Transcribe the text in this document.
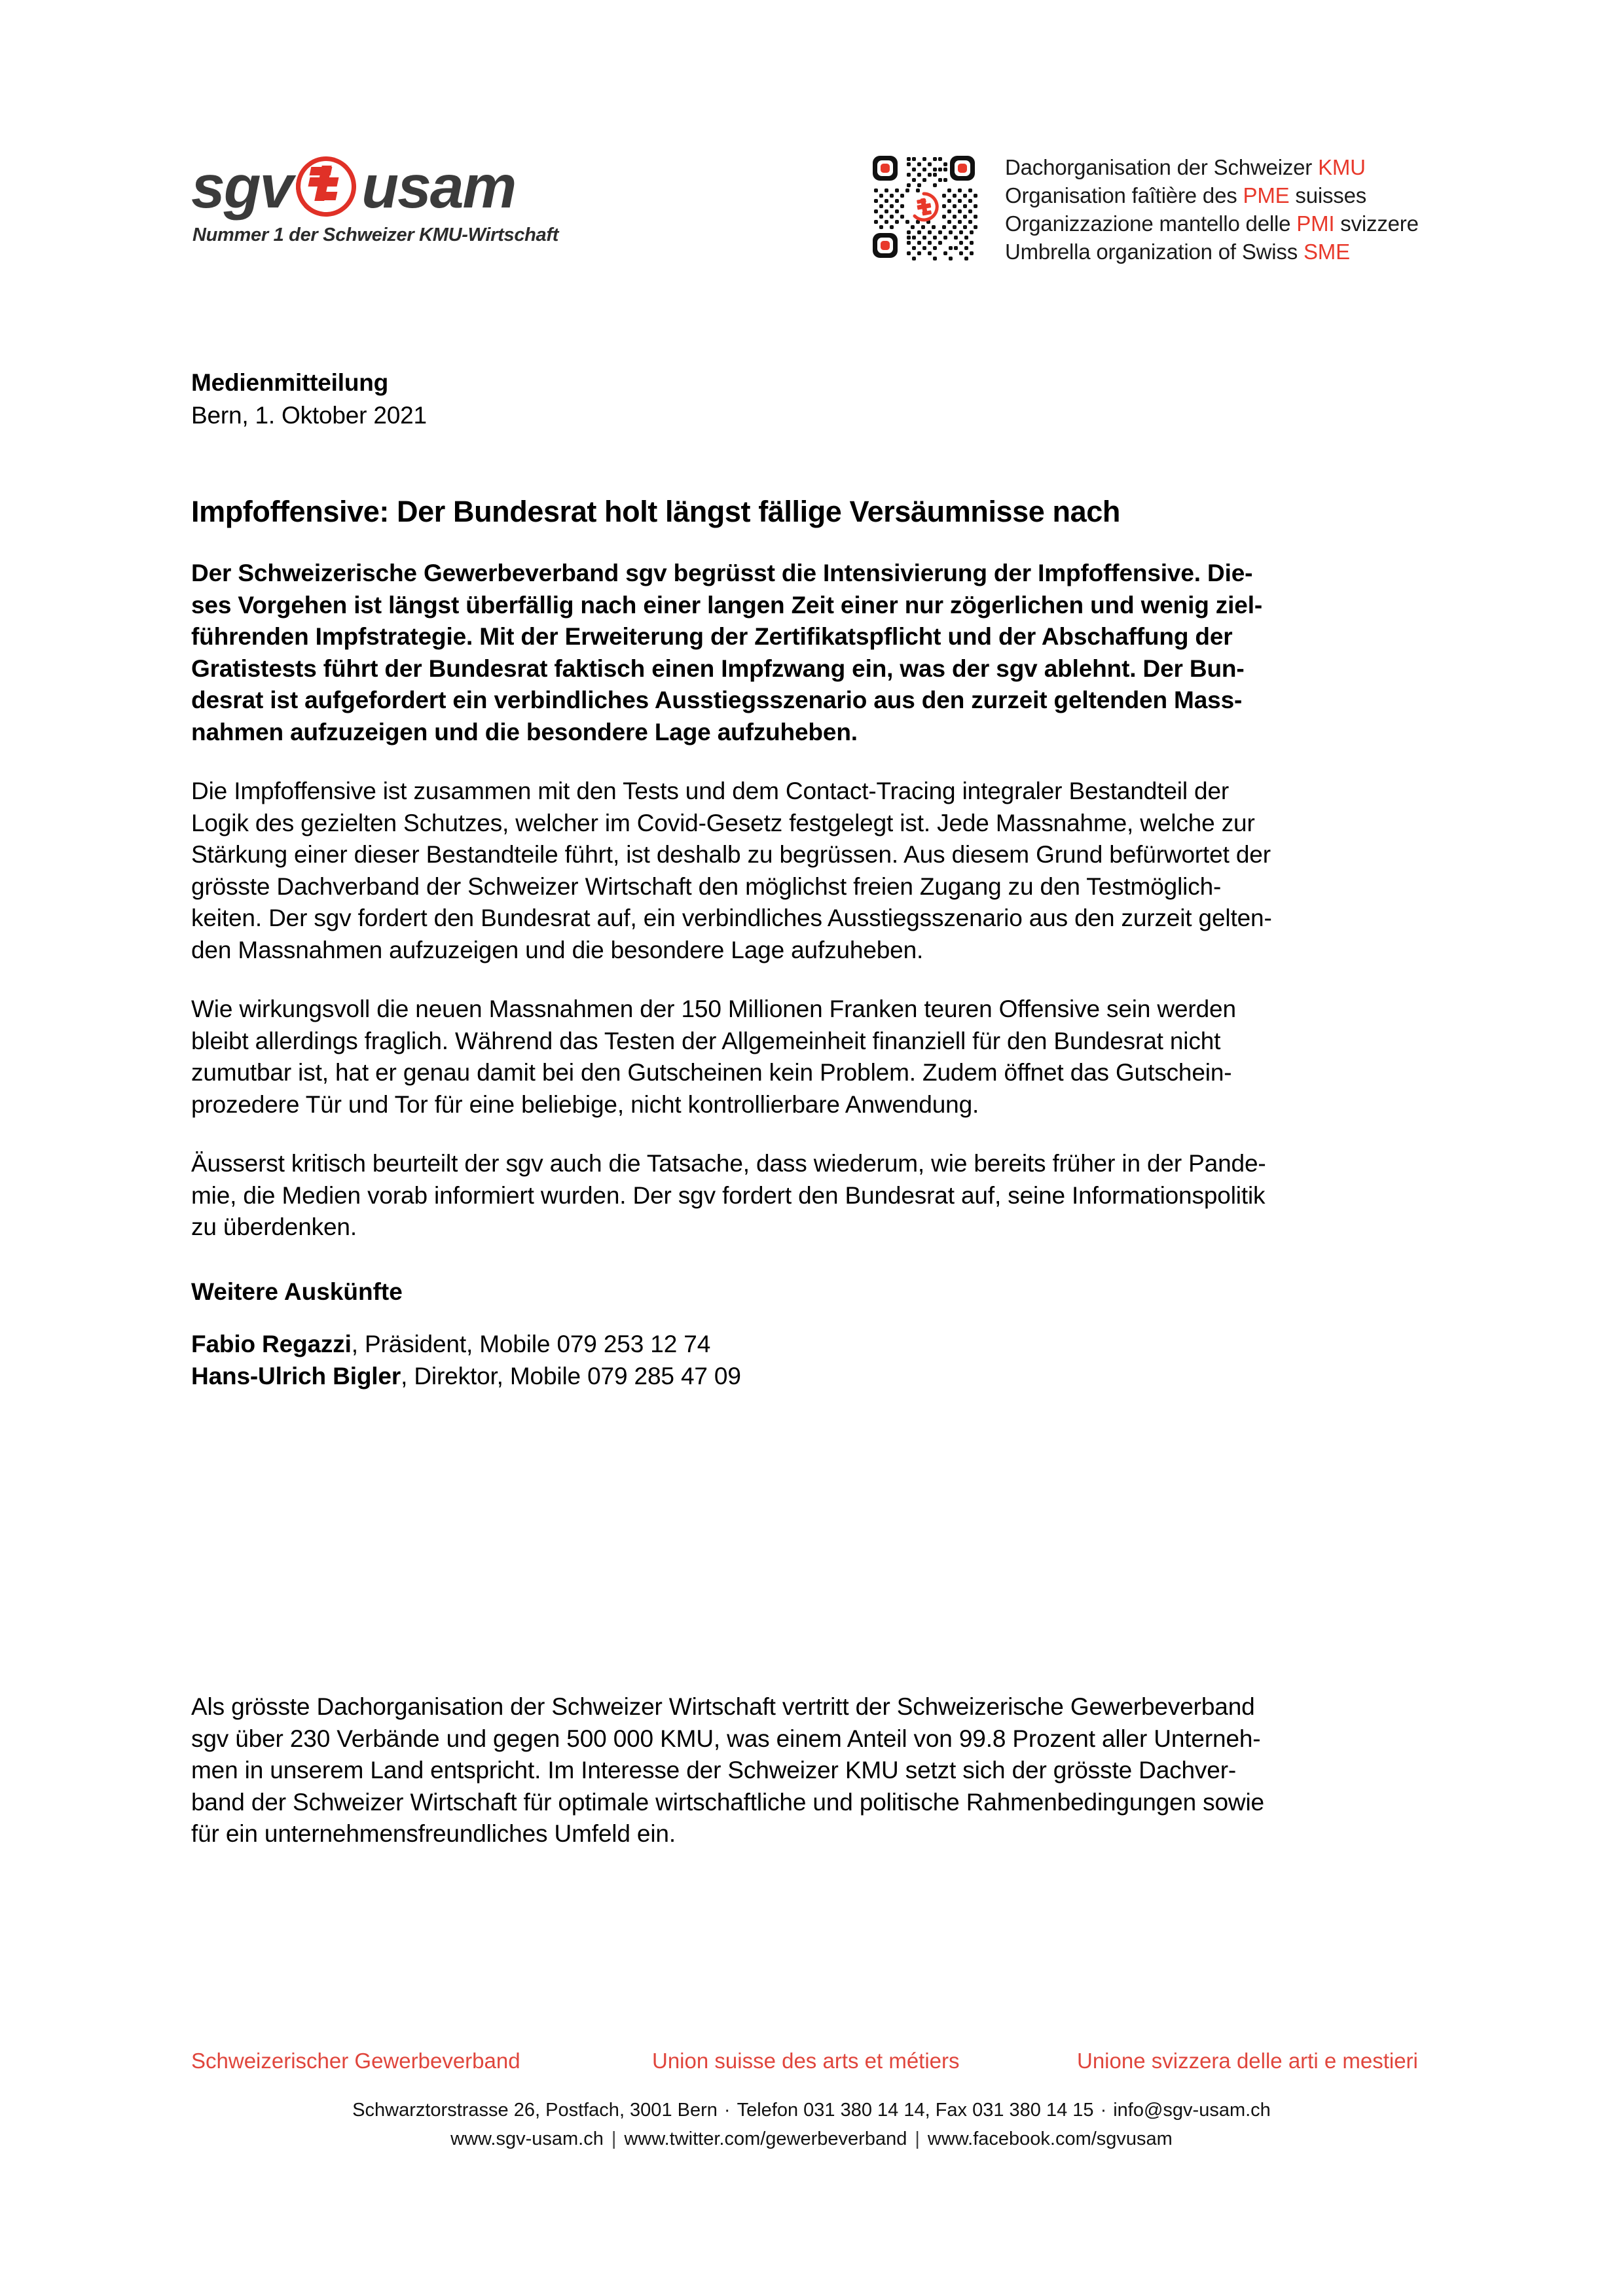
sgv usam
Nummer 1 der Schweizer KMU-Wirtschaft
Dachorganisation der Schweizer KMU
Organisation faîtière des PME suisses
Organizzazione mantello delle PMI svizzere
Umbrella organization of Swiss SME
Medienmitteilung
Bern, 1. Oktober 2021
Impfoffensive: Der Bundesrat holt längst fällige Versäumnisse nach
Der Schweizerische Gewerbeverband sgv begrüsst die Intensivierung der Impfoffensive. Die-
ses Vorgehen ist längst überfällig nach einer langen Zeit einer nur zögerlichen und wenig ziel-
führenden Impfstrategie. Mit der Erweiterung der Zertifikatspflicht und der Abschaffung der
Gratistests führt der Bundesrat faktisch einen Impfzwang ein, was der sgv ablehnt. Der Bun-
desrat ist aufgefordert ein verbindliches Ausstiegsszenario aus den zurzeit geltenden Mass-
nahmen aufzuzeigen und die besondere Lage aufzuheben.
Die Impfoffensive ist zusammen mit den Tests und dem Contact-Tracing integraler Bestandteil der
Logik des gezielten Schutzes, welcher im Covid-Gesetz festgelegt ist. Jede Massnahme, welche zur
Stärkung einer dieser Bestandteile führt, ist deshalb zu begrüssen. Aus diesem Grund befürwortet der
grösste Dachverband der Schweizer Wirtschaft den möglichst freien Zugang zu den Testmöglich-
keiten. Der sgv fordert den Bundesrat auf, ein verbindliches Ausstiegsszenario aus den zurzeit gelten-
den Massnahmen aufzuzeigen und die besondere Lage aufzuheben.
Wie wirkungsvoll die neuen Massnahmen der 150 Millionen Franken teuren Offensive sein werden
bleibt allerdings fraglich. Während das Testen der Allgemeinheit finanziell für den Bundesrat nicht
zumutbar ist, hat er genau damit bei den Gutscheinen kein Problem. Zudem öffnet das Gutschein-
prozedere Tür und Tor für eine beliebige, nicht kontrollierbare Anwendung.
Äusserst kritisch beurteilt der sgv auch die Tatsache, dass wiederum, wie bereits früher in der Pande-
mie, die Medien vorab informiert wurden. Der sgv fordert den Bundesrat auf, seine Informationspolitik
zu überdenken.
Weitere Auskünfte
Fabio Regazzi, Präsident, Mobile 079 253 12 74
Hans-Ulrich Bigler, Direktor, Mobile 079 285 47 09
Als grösste Dachorganisation der Schweizer Wirtschaft vertritt der Schweizerische Gewerbeverband
sgv über 230 Verbände und gegen 500 000 KMU, was einem Anteil von 99.8 Prozent aller Unterneh-
men in unserem Land entspricht. Im Interesse der Schweizer KMU setzt sich der grösste Dachver-
band der Schweizer Wirtschaft für optimale wirtschaftliche und politische Rahmenbedingungen sowie
für ein unternehmensfreundliches Umfeld ein.
Schweizerischer Gewerbeverband	Union suisse des arts et métiers	Unione svizzera delle arti e mestieri
Schwarztorstrasse 26, Postfach, 3001 Bern · Telefon 031 380 14 14, Fax 031 380 14 15 · info@sgv-usam.ch
www.sgv-usam.ch | www.twitter.com/gewerbeverband | www.facebook.com/sgvusam
